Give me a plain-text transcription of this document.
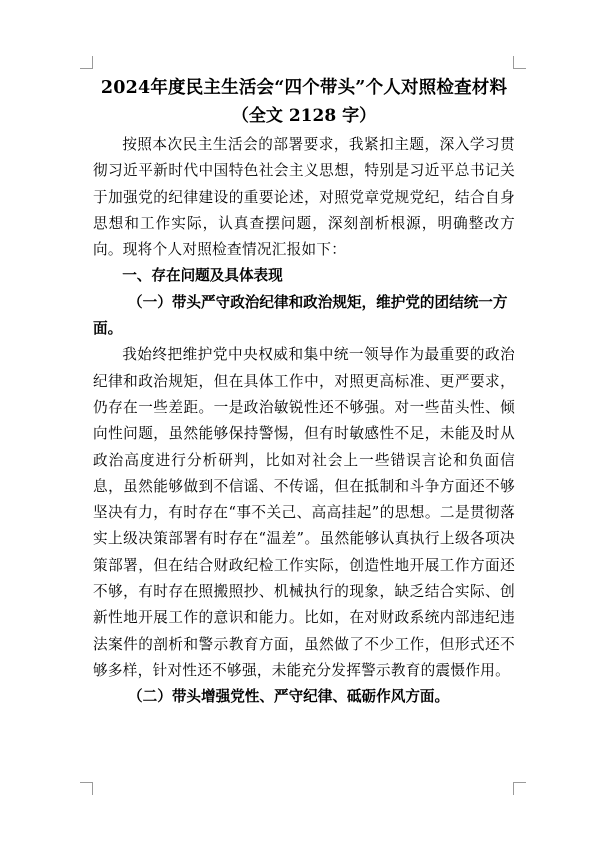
2024年度民主生活会“四个带头”个人对照检查材料

（全文 2128 字）

按照本次民主生活会的部署要求，我紧扣主题，深入学习贯彻习近平新时代中国特色社会主义思想，特别是习近平总书记关于加强党的纪律建设的重要论述，对照党章党规党纪，结合自身思想和工作实际，认真查摆问题，深刻剖析根源，明确整改方向。现将个人对照检查情况汇报如下：

一、存在问题及具体表现

（一）带头严守政治纪律和政治规矩，维护党的团结统一方面。

我始终把维护党中央权威和集中统一领导作为最重要的政治纪律和政治规矩，但在具体工作中，对照更高标准、更严要求，仍存在一些差距。一是政治敏锐性还不够强。对一些苗头性、倾向性问题，虽然能够保持警惕，但有时敏感性不足，未能及时从政治高度进行分析研判，比如对社会上一些错误言论和负面信息，虽然能够做到不信谣、不传谣，但在抵制和斗争方面还不够坚决有力，有时存在“事不关己、高高挂起”的思想。二是贯彻落实上级决策部署有时存在“温差”。虽然能够认真执行上级各项决策部署，但在结合财政纪检工作实际，创造性地开展工作方面还不够，有时存在照搬照抄、机械执行的现象，缺乏结合实际、创新性地开展工作的意识和能力。比如，在对财政系统内部违纪违法案件的剖析和警示教育方面，虽然做了不少工作，但形式还不够多样，针对性还不够强，未能充分发挥警示教育的震慑作用。

（二）带头增强党性、严守纪律、砥砺作风方面。
